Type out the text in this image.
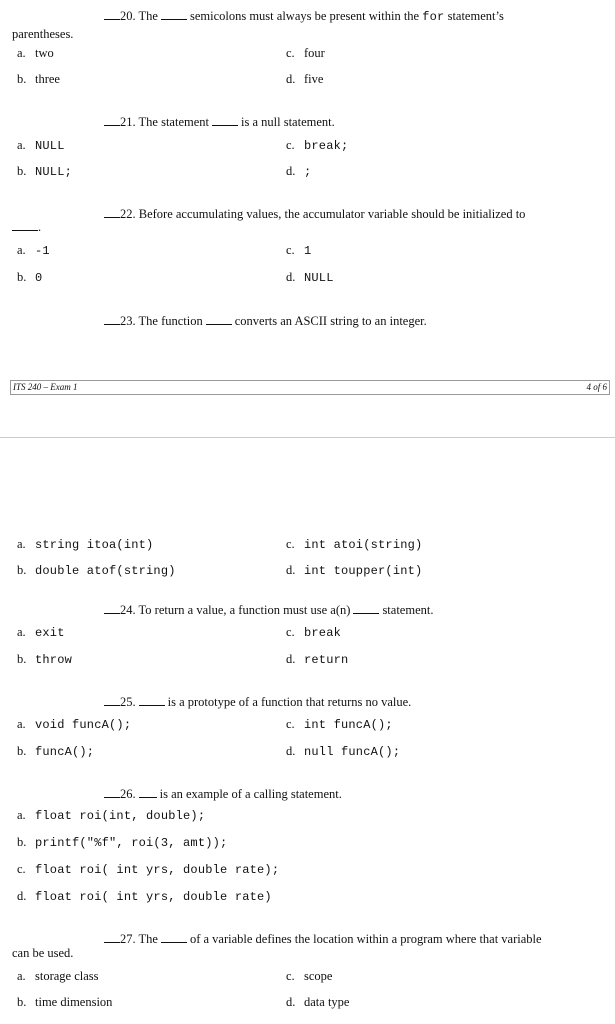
20. The	semicolons must always be present within the for statement’s
parentheses.
a. two
b. three
c. four
d. five
21. The statement	is a null statement.
a. NULL
b. NULL;
c. break;
d. ;
22. Before accumulating values, the accumulator variable should be initialized to
.
a. -1
b. 0
c. 1
d. NULL
23. The function	converts an ASCII string to an integer.
ITS 240 – Exam 1	4 of 6
a. string itoa(int)
b. double atof(string)
c. int atoi(string)
d. int toupper(int)
24. To return a value, a function must use a(n)	statement.
a. exit
b. throw
c. break
d. return
25.	is a prototype of a function that returns no value.
a. void funcA();
b. funcA();
c. int funcA();
d. null funcA();
26. is an example of a calling statement.
a. float roi(int, double);
b. printf("%f", roi(3, amt));
c. float roi( int yrs, double rate);
d. float roi( int yrs, double rate)
27. The	of a variable defines the location within a program where that variable
can be used.
a. storage class
b. time dimension
c. scope
d. data type
